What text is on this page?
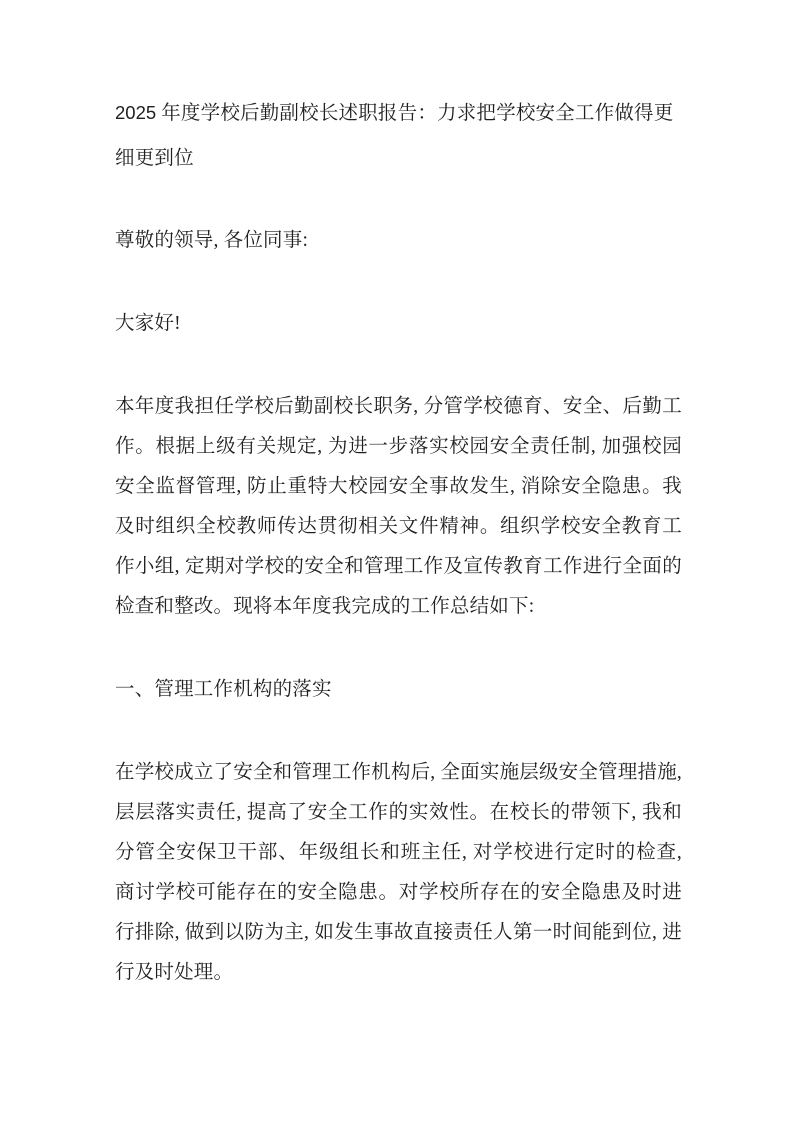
2025 年度学校后勤副校长述职报告：力求把学校安全工作做得更细更到位

尊敬的领导, 各位同事:

大家好!

本年度我担任学校后勤副校长职务, 分管学校德育、安全、后勤工作。根据上级有关规定, 为进一步落实校园安全责任制, 加强校园安全监督管理, 防止重特大校园安全事故发生, 消除安全隐患。我及时组织全校教师传达贯彻相关文件精神。组织学校安全教育工作小组, 定期对学校的安全和管理工作及宣传教育工作进行全面的检查和整改。现将本年度我完成的工作总结如下:

一、管理工作机构的落实

在学校成立了安全和管理工作机构后, 全面实施层级安全管理措施, 层层落实责任, 提高了安全工作的实效性。在校长的带领下, 我和分管全安保卫干部、年级组长和班主任, 对学校进行定时的检查, 商讨学校可能存在的安全隐患。对学校所存在的安全隐患及时进行排除, 做到以防为主, 如发生事故直接责任人第一时间能到位, 进行及时处理。
